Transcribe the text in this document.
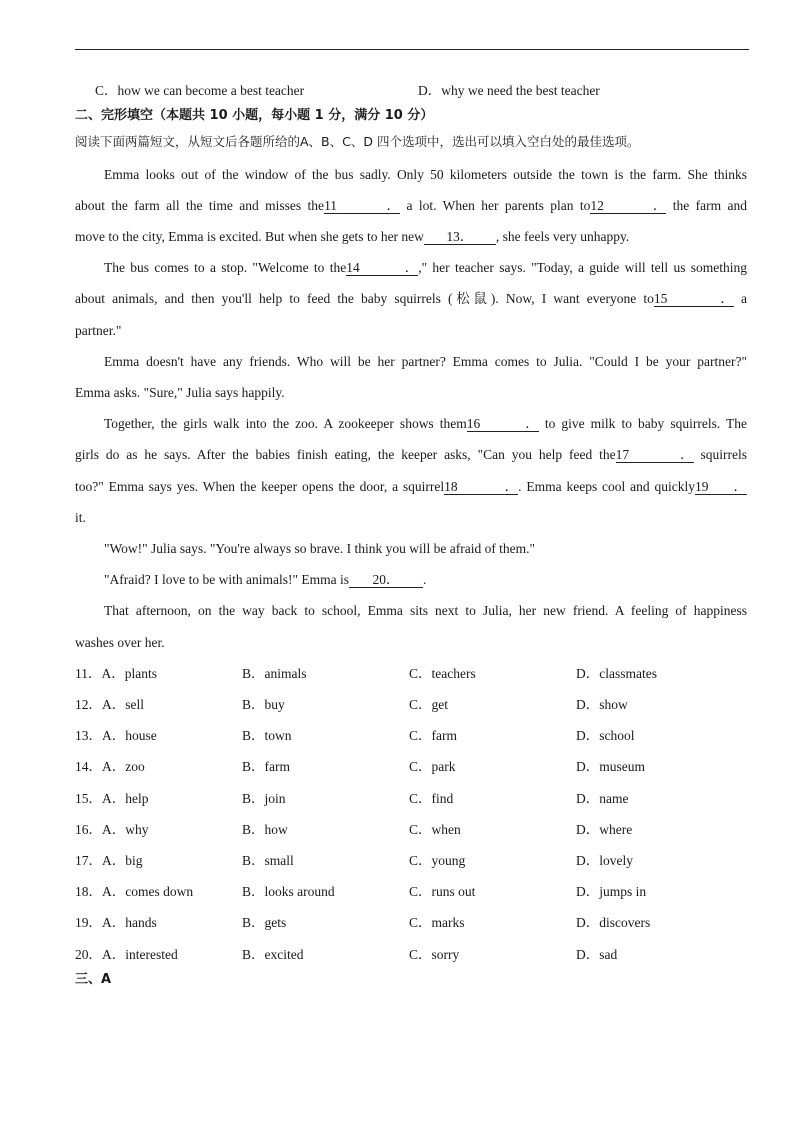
C．how we can become a best teacher	D．why we need the best teacher
二、完形填空（本题共 10 小题，每小题 1 分，满分 10 分）
阅读下面两篇短文，从短文后各题所给的A、B、C、D 四个选项中，选出可以填入空白处的最佳选项。
Emma looks out of the window of the bus sadly. Only 50 kilometers outside the town is the farm. She thinks
about the farm all the time and misses the11． a lot. When her parents plan to12． the farm and
move to the city, Emma is excited. But when she gets to her new 13． , she feels very unhappy.
The bus comes to a stop. "Welcome to the14．," her teacher says. "Today, a guide will tell us something
about animals, and then you'll help to feed the baby squirrels (松鼠). Now, I want everyone to15． a
partner."
Emma doesn't have any friends. Who will be her partner? Emma comes to Julia. "Could I be your partner?"
Emma asks. "Sure," Julia says happily.
Together, the girls walk into the zoo. A zookeeper shows them16． to give milk to baby squirrels. The
girls do as he says. After the babies finish eating, the keeper asks, "Can you help feed the17． squirrels
too?" Emma says yes. When the keeper opens the door, a squirrel18．. Emma keeps cool and quickly19．
it.
"Wow!" Julia says. "You're always so brave. I think you will be afraid of them."
"Afraid? I love to be with animals!" Emma is 20． .
That afternoon, on the way back to school, Emma sits next to Julia, her new friend. A feeling of happiness
washes over her.
11．A．plants	B．animals	C．teachers	D．classmates
12．A．sell	B．buy	C．get	D．show
13．A．house	B．town	C．farm	D．school
14．A．zoo	B．farm	C．park	D．museum
15．A．help	B．join	C．find	D．name
16．A．why	B．how	C．when	D．where
17．A．big	B．small	C．young	D．lovely
18．A．comes down	B．looks around	C．runs out	D．jumps in
19．A．hands	B．gets	C．marks	D．discovers
20．A．interested	B．excited	C．sorry	D．sad
三、A
